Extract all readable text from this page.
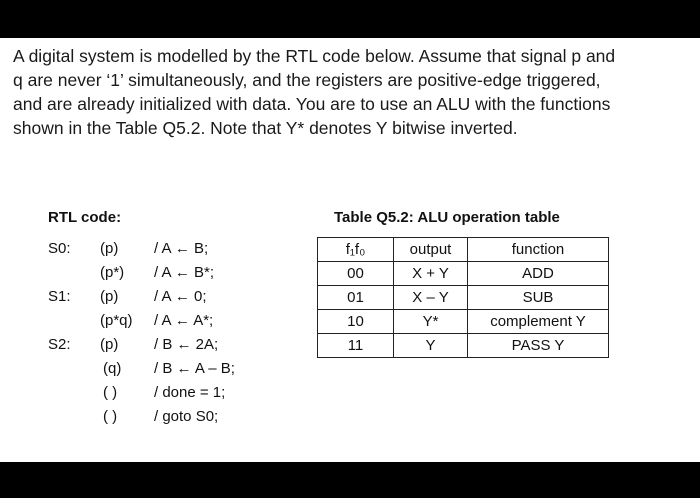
A digital system is modelled by the RTL code below. Assume that signal p and
q are never ‘1’ simultaneously, and the registers are positive-edge triggered,
and are already initialized with data. You are to use an ALU with the functions
shown in the Table Q5.2. Note that Y* denotes Y bitwise inverted.
RTL code:
S0: (p) / A ← B;
(p*) / A ← B*;
S1: (p) / A ← 0;
(p*q) / A ← A*;
S2: (p) / B ← 2A;
(q) / B ← A – B;
( ) / done = 1;
( ) / goto S0;
Table Q5.2: ALU operation table
f₁f₀	output	function
00	X + Y	ADD
01	X – Y	SUB
10	Y*	complement Y
11	Y	PASS Y
